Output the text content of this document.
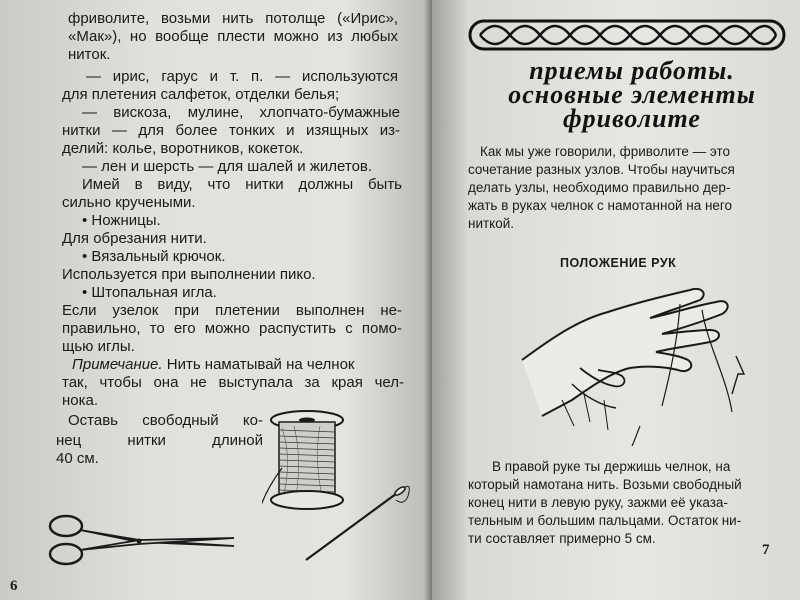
фриволите, возьми нить потолще («Ирис»,
«Мак»), но вообще плести можно из любых
ниток.
— ирис, гарус и т. п. — используются
для плетения салфеток, отделки белья;
— вискоза, мулине, хлопчато-бумажные
нитки — для более тонких и изящных из-
делий: колье, воротников, кокеток.
— лен и шерсть — для шалей и жилетов.
Имей в виду, что нитки должны быть
сильно кручеными.
• Ножницы.
Для обрезания нити.
• Вязальный крючок.
Используется при выполнении пико.
• Штопальная игла.
Если узелок при плетении выполнен не-
правильно, то его можно распустить с помо-
щью иглы.
Примечание. Нить наматывай на челнок
так, чтобы она не выступала за края чел-
нока.
Оставь свободный ко-
нец нитки длиной
40 см.
6
приемы работы.
основные элементы
фриволите
Как мы уже говорили, фриволите — это
сочетание разных узлов. Чтобы научиться
делать узлы, необходимо правильно дер-
жать в руках челнок с намотанной на него
ниткой.
ПОЛОЖЕНИЕ РУК
В правой руке ты держишь челнок, на
который намотана нить. Возьми свободный
конец нити в левую руку, зажми её указа-
тельным и большим пальцами. Остаток ни-
ти составляет примерно 5 см.
7
